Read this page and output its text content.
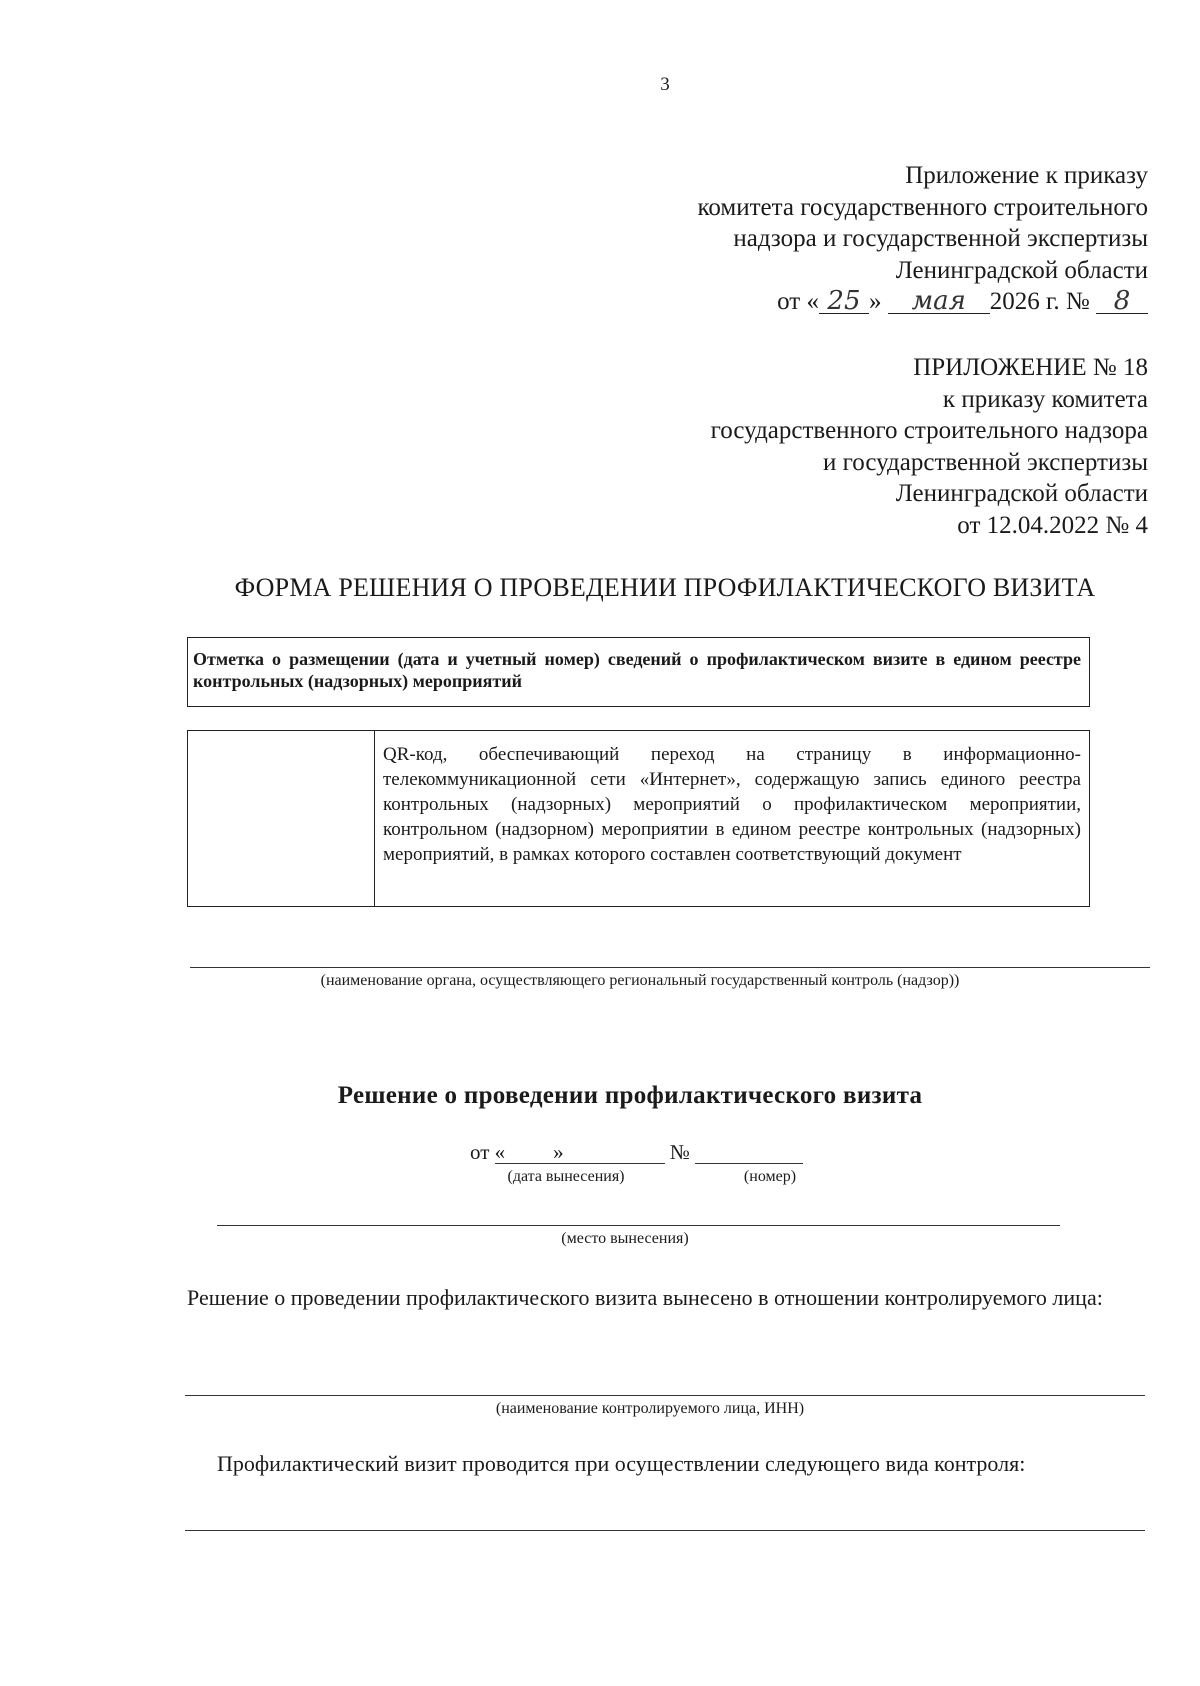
3
Приложение к приказу
комитета государственного строительного
надзора и государственной экспертизы
Ленинградской области
от « 25 » мая 2026 г. № 8
ПРИЛОЖЕНИЕ № 18
к приказу комитета
государственного строительного надзора
и государственной экспертизы
Ленинградской области
от 12.04.2022 № 4
ФОРМА РЕШЕНИЯ О ПРОВЕДЕНИИ ПРОФИЛАКТИЧЕСКОГО ВИЗИТА
Отметка о размещении (дата и учетный номер) сведений о профилактическом визите в едином реестре контрольных (надзорных) мероприятий
QR-код, обеспечивающий переход на страницу в информационно-телекоммуникационной сети «Интернет», содержащую запись единого реестра контрольных (надзорных) мероприятий о профилактическом мероприятии, контрольном (надзорном) мероприятии в едином реестре контрольных (надзорных) мероприятий, в рамках которого составлен соответствующий документ
(наименование органа, осуществляющего региональный государственный контроль (надзор))
Решение о проведении профилактического визита
от « »	№
(дата вынесения)	(номер)
(место вынесения)
Решение о проведении профилактического визита вынесено в отношении контролируемого лица:
(наименование контролируемого лица, ИНН)
Профилактический визит проводится при осуществлении следующего вида контроля:
